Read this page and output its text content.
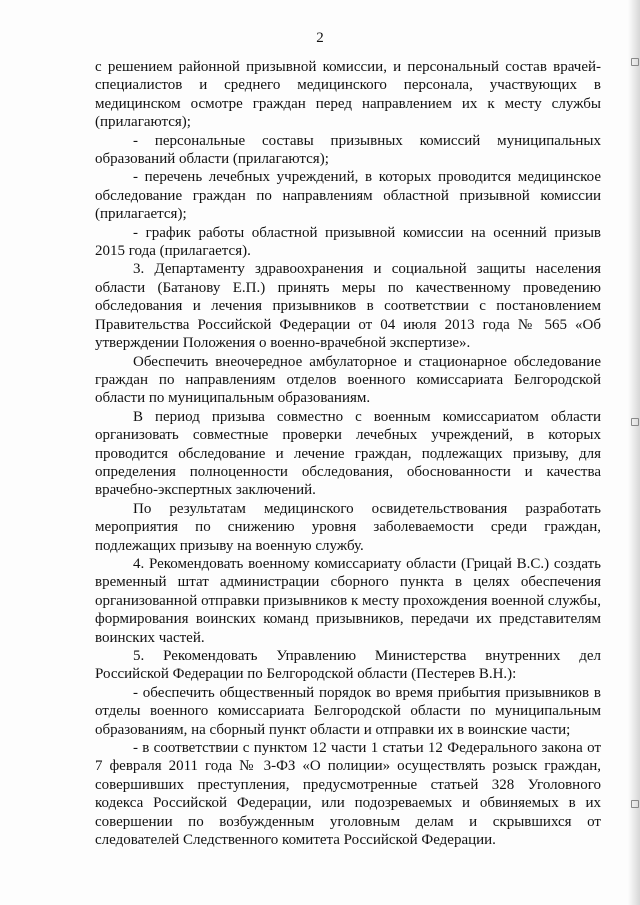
2

с решением районной призывной комиссии, и персональный состав врачей-специалистов и среднего медицинского персонала, участвующих в медицинском осмотре граждан перед направлением их к месту службы (прилагаются);

- персональные составы призывных комиссий муниципальных образований области (прилагаются);

- перечень лечебных учреждений, в которых проводится медицинское обследование граждан по направлениям областной призывной комиссии (прилагается);

- график работы областной призывной комиссии на осенний призыв 2015 года (прилагается).

3. Департаменту здравоохранения и социальной защиты населения области (Батанову Е.П.) принять меры по качественному проведению обследования и лечения призывников в соответствии с постановлением Правительства Российской Федерации от 04 июля 2013 года № 565 «Об утверждении Положения о военно-врачебной экспертизе».

Обеспечить внеочередное амбулаторное и стационарное обследование граждан по направлениям отделов военного комиссариата Белгородской области по муниципальным образованиям.

В период призыва совместно с военным комиссариатом области организовать совместные проверки лечебных учреждений, в которых проводится обследование и лечение граждан, подлежащих призыву, для определения полноценности обследования, обоснованности и качества врачебно-экспертных заключений.

По результатам медицинского освидетельствования разработать мероприятия по снижению уровня заболеваемости среди граждан, подлежащих призыву на военную службу.

4. Рекомендовать военному комиссариату области (Грицай В.С.) создать временный штат администрации сборного пункта в целях обеспечения организованной отправки призывников к месту прохождения военной службы, формирования воинских команд призывников, передачи их представителям воинских частей.

5. Рекомендовать Управлению Министерства внутренних дел Российской Федерации по Белгородской области (Пестерев В.Н.):

- обеспечить общественный порядок во время прибытия призывников в отделы военного комиссариата Белгородской области по муниципальным образованиям, на сборный пункт области и отправки их в воинские части;

- в соответствии с пунктом 12 части 1 статьи 12 Федерального закона от 7 февраля 2011 года № 3-ФЗ «О полиции» осуществлять розыск граждан, совершивших преступления, предусмотренные статьей 328 Уголовного кодекса Российской Федерации, или подозреваемых и обвиняемых в их совершении по возбужденным уголовным делам и скрывшихся от следователей Следственного комитета Российской Федерации.
